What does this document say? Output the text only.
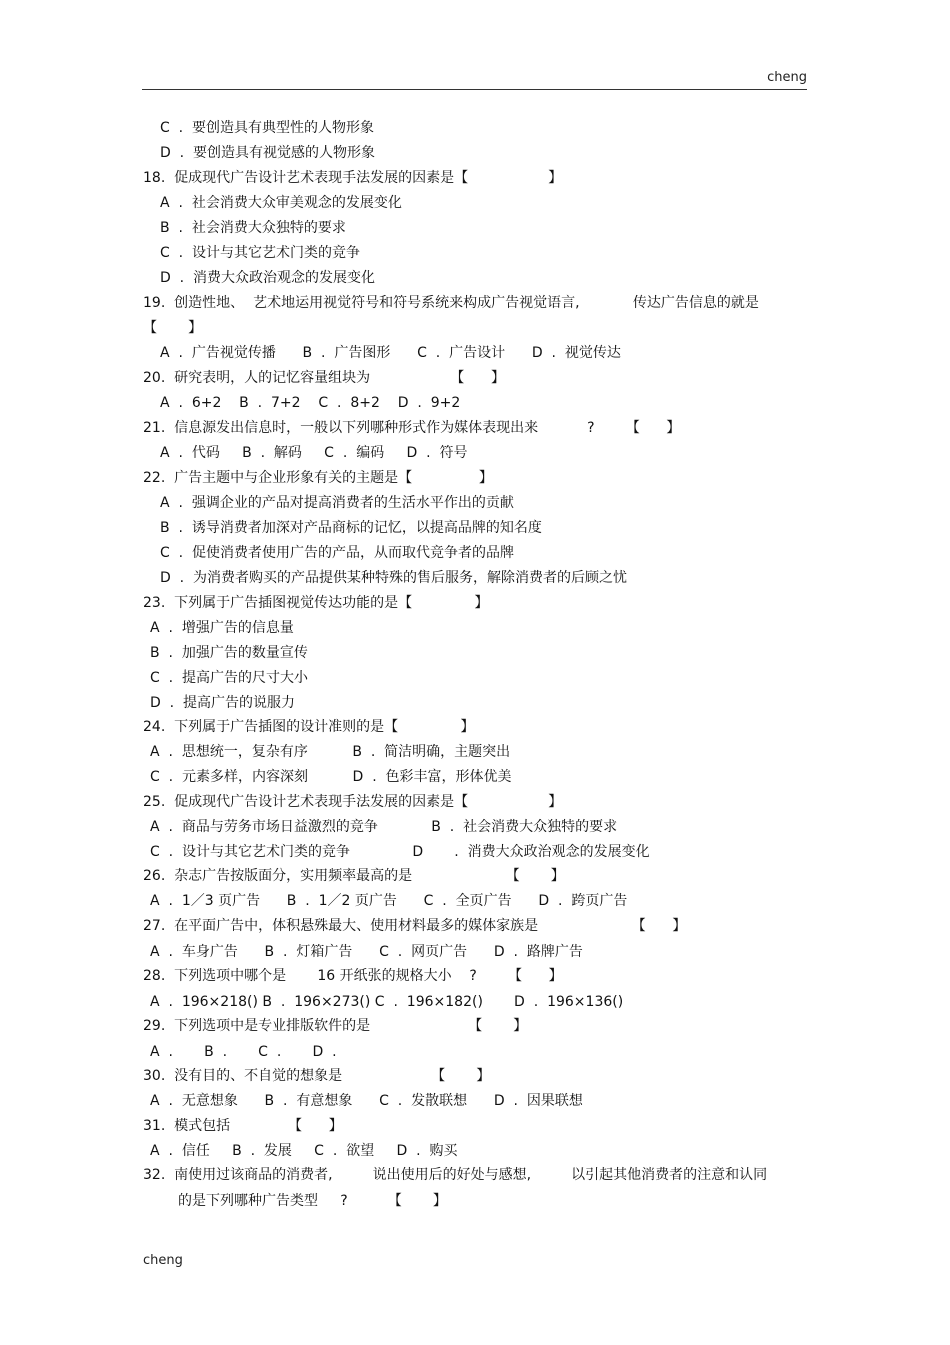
cheng
C  .  要创造具有典型性的人物形象
D  .  要创造具有视觉感的人物形象
18.  促成现代广告设计艺术表现手法发展的因素是【                  】
A  .  社会消费大众审美观念的发展变化
B  .  社会消费大众独特的要求
C  .  设计与其它艺术门类的竞争
D  .  消费大众政治观念的发展变化
19.  创造性地、  艺术地运用视觉符号和符号系统来构成广告视觉语言,            传达广告信息的就是
【       】
A  .  广告视觉传播      B  .  广告图形      C  .  广告设计      D  .  视觉传达
20.  研究表明，人的记忆容量组块为                  【      】
A  .  6+2    B  .  7+2    C  .  8+2    D  .  9+2
21.  信息源发出信息时，一般以下列哪种形式作为媒体表现出来           ?       【      】
A  .  代码     B  .  解码     C  .  编码     D  .  符号
22.  广告主题中与企业形象有关的主题是【               】
A  .  强调企业的产品对提高消费者的生活水平作出的贡献
B  .  诱导消费者加深对产品商标的记忆，以提高品牌的知名度
C  .  促使消费者使用广告的产品，从而取代竞争者的品牌
D  .  为消费者购买的产品提供某种特殊的售后服务，解除消费者的后顾之忧
23.  下列属于广告插图视觉传达功能的是【              】
A  .  增强广告的信息量
B  .  加强广告的数量宣传
C  .  提高广告的尺寸大小
D  .  提高广告的说服力
24.  下列属于广告插图的设计准则的是【              】
A  .  思想统一，复杂有序          B  .  简洁明确，主题突出
C  .  元素多样，内容深刻          D  .  色彩丰富，形体优美
25.  促成现代广告设计艺术表现手法发展的因素是【                  】
A  .  商品与劳务市场日益激烈的竞争            B  .  社会消费大众独特的要求
C  .  设计与其它艺术门类的竞争              D       .  消费大众政治观念的发展变化
26.  杂志广告按版面分，实用频率最高的是                     【       】
A  .  1／3 页广告      B  .  1／2 页广告      C  .  全页广告      D  .  跨页广告
27.  在平面广告中，体积悬殊最大、使用材料最多的媒体家族是                     【      】
A  .  车身广告      B  .  灯箱广告      C  .  网页广告      D  .  路牌广告
28.  下列选项中哪个是       16 开纸张的规格大小    ?       【      】
A  .  196×218() B  .  196×273() C  .  196×182()       D  .  196×136()
29.  下列选项中是专业排版软件的是                      【       】
A  .       B  .       C  .       D  .
30.  没有目的、不自觉的想象是                    【       】
A  .  无意想象      B  .  有意想象      C  .  发散联想      D  .  因果联想
31.  模式包括             【      】
A  .  信任     B  .  发展     C  .  欲望     D  .  购买
32.  南使用过该商品的消费者,         说出使用后的好处与感想,         以引起其他消费者的注意和认同
的是下列哪种广告类型     ?         【       】
cheng
